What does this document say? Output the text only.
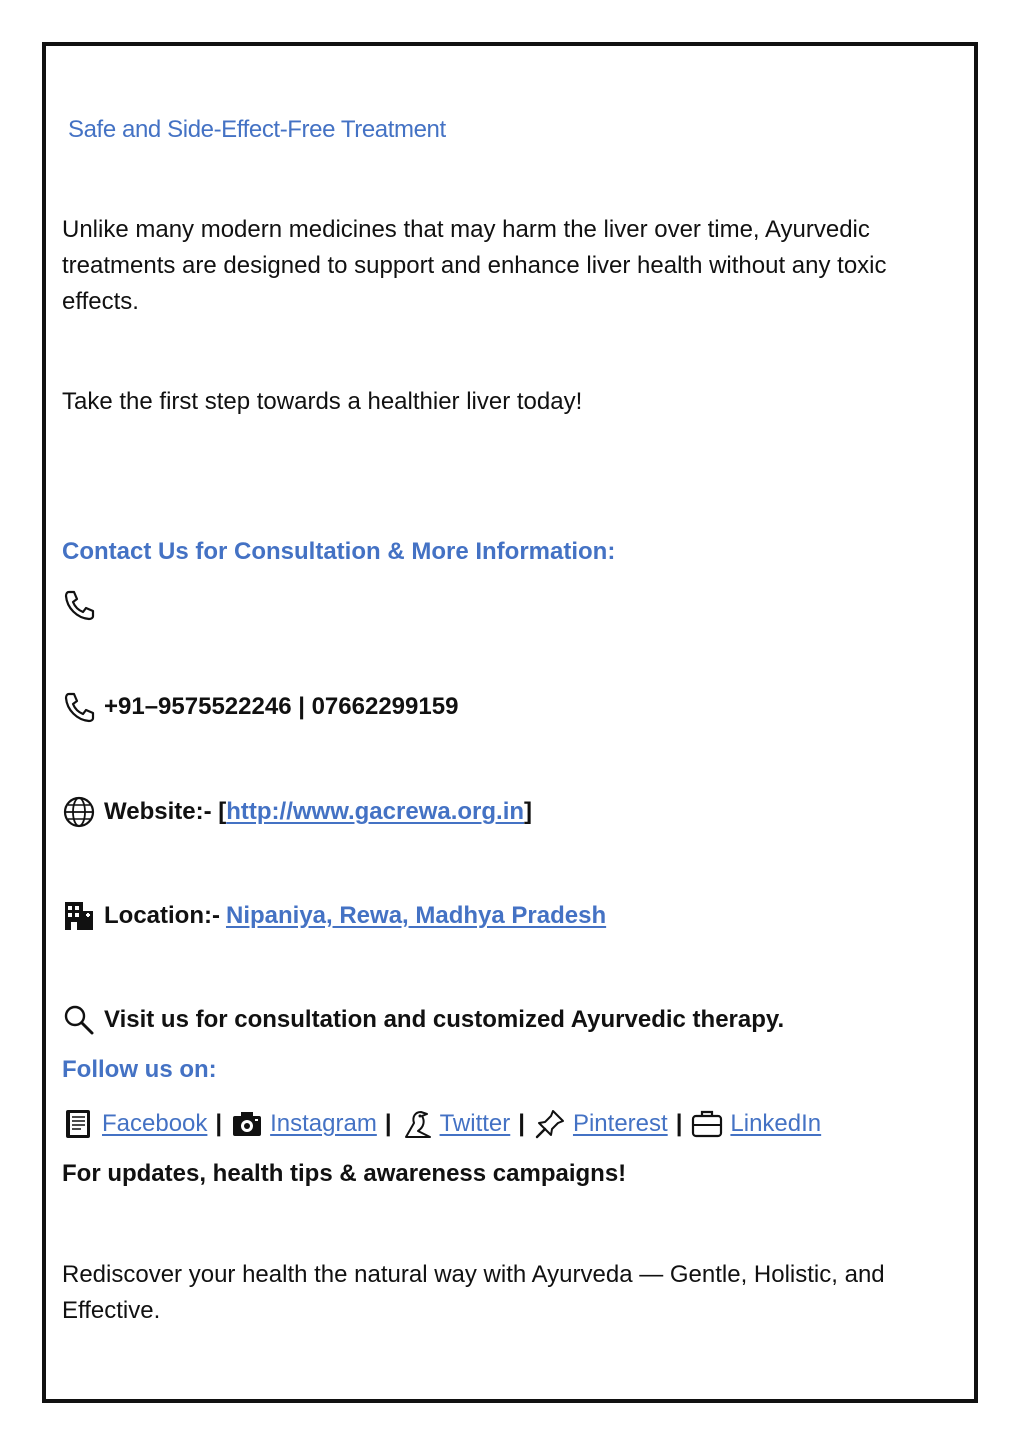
Safe and Side-Effect-Free Treatment
Unlike many modern medicines that may harm the liver over time, Ayurvedic treatments are designed to support and enhance liver health without any toxic effects.
Take the first step towards a healthier liver today!
Contact Us for Consultation & More Information:
+91–9575522246 | 07662299159
Website:- [ http://www.gacrewa.org.in ]
Location:- Nipaniya, Rewa, Madhya Pradesh
Visit us for consultation and customized Ayurvedic therapy.
Follow us on:
Facebook | Instagram | Twitter | Pinterest | LinkedIn
For updates, health tips & awareness campaigns!
Rediscover your health the natural way with Ayurveda — Gentle, Holistic, and Effective.
